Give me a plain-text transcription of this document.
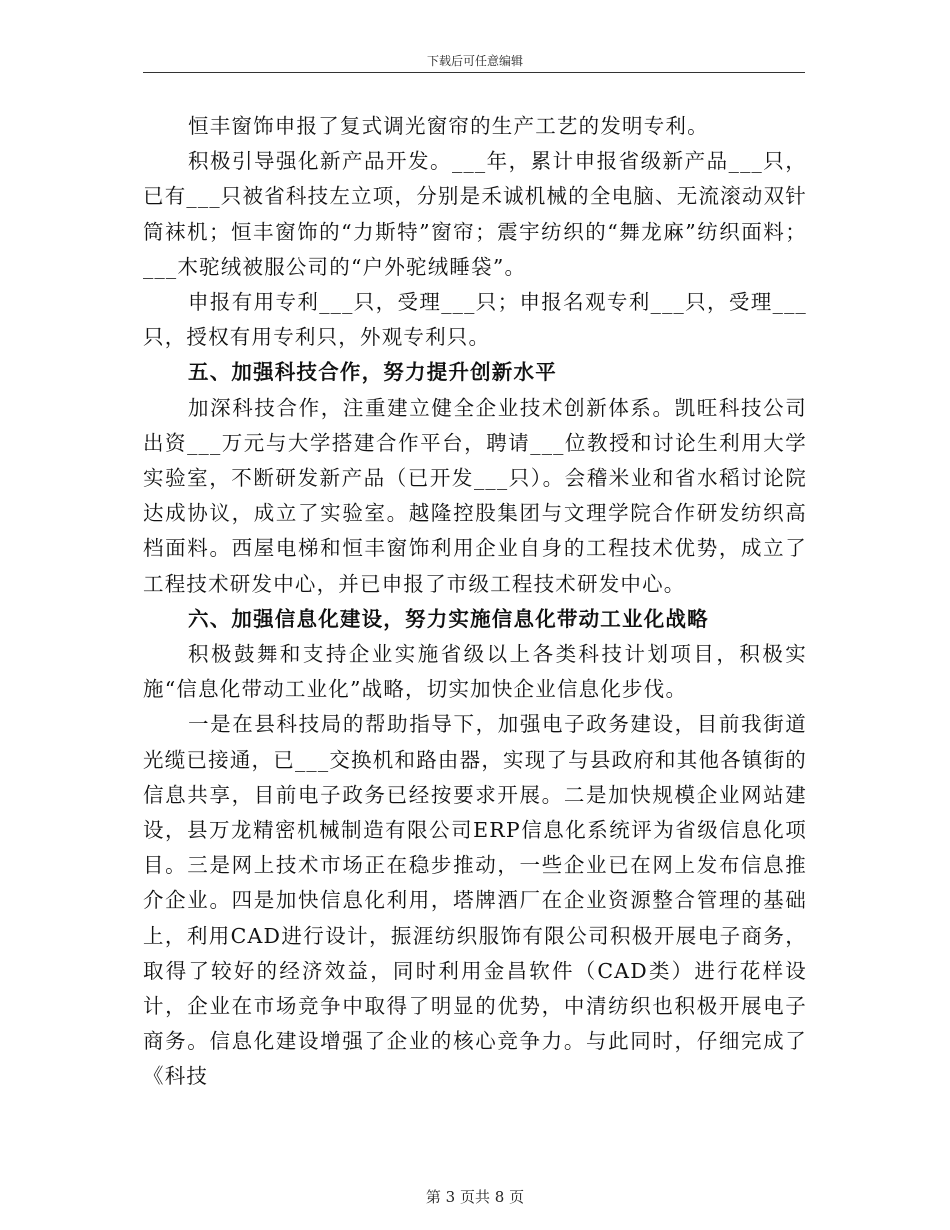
下载后可任意编辑

恒丰窗饰申报了复式调光窗帘的生产工艺的发明专利。

积极引导强化新产品开发。___年，累计申报省级新产品___只，已有___只被省科技左立项，分别是禾诚机械的全电脑、无流滚动双针筒袜机；恒丰窗饰的“力斯特”窗帘；震宇纺织的“舞龙麻”纺织面料；___木驼绒被服公司的“户外驼绒睡袋”。

申报有用专利___只，受理___只；申报名观专利___只，受理___只，授权有用专利只，外观专利只。

五、加强科技合作，努力提升创新水平

加深科技合作，注重建立健全企业技术创新体系。凯旺科技公司出资___万元与大学搭建合作平台，聘请___位教授和讨论生利用大学实验室，不断研发新产品（已开发___只）。会稽米业和省水稻讨论院达成协议，成立了实验室。越隆控股集团与文理学院合作研发纺织高档面料。西屋电梯和恒丰窗饰利用企业自身的工程技术优势，成立了工程技术研发中心，并已申报了市级工程技术研发中心。

六、加强信息化建设，努力实施信息化带动工业化战略

积极鼓舞和支持企业实施省级以上各类科技计划项目，积极实施“信息化带动工业化”战略，切实加快企业信息化步伐。

一是在县科技局的帮助指导下，加强电子政务建设，目前我街道光缆已接通，已___交换机和路由器，实现了与县政府和其他各镇街的信息共享，目前电子政务已经按要求开展。二是加快规模企业网站建设，县万龙精密机械制造有限公司ERP信息化系统评为省级信息化项目。三是网上技术市场正在稳步推动，一些企业已在网上发布信息推介企业。四是加快信息化利用，塔牌酒厂在企业资源整合管理的基础上，利用CAD进行设计，振涯纺织服饰有限公司积极开展电子商务，取得了较好的经济效益，同时利用金昌软件（CAD类）进行花样设计，企业在市场竞争中取得了明显的优势，中清纺织也积极开展电子商务。信息化建设增强了企业的核心竞争力。与此同时，仔细完成了《科技

第 3 页共 8 页
